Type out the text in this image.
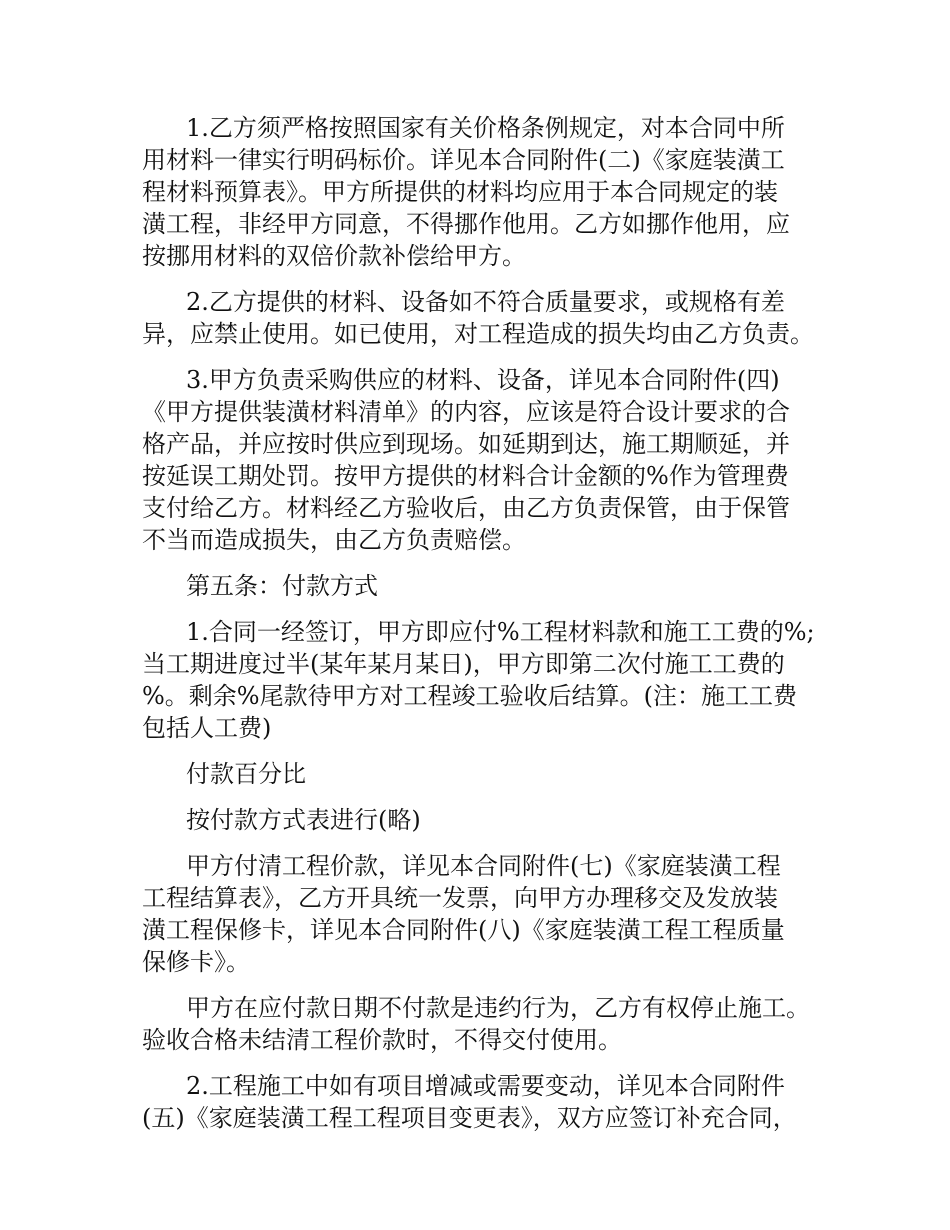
1.乙方须严格按照国家有关价格条例规定，对本合同中所
用材料一律实行明码标价。详见本合同附件(二)《家庭装潢工
程材料预算表》。甲方所提供的材料均应用于本合同规定的装
潢工程，非经甲方同意，不得挪作他用。乙方如挪作他用，应
按挪用材料的双倍价款补偿给甲方。
2.乙方提供的材料、设备如不符合质量要求，或规格有差
异，应禁止使用。如已使用，对工程造成的损失均由乙方负责。
3.甲方负责采购供应的材料、设备，详见本合同附件(四)
《甲方提供装潢材料清单》的内容，应该是符合设计要求的合
格产品，并应按时供应到现场。如延期到达，施工期顺延，并
按延误工期处罚。按甲方提供的材料合计金额的%作为管理费
支付给乙方。材料经乙方验收后，由乙方负责保管，由于保管
不当而造成损失，由乙方负责赔偿。
第五条：付款方式
1.合同一经签订，甲方即应付%工程材料款和施工工费的%;
当工期进度过半(某年某月某日)，甲方即第二次付施工工费的
%。剩余%尾款待甲方对工程竣工验收后结算。(注：施工工费
包括人工费)
付款百分比
按付款方式表进行(略)
甲方付清工程价款，详见本合同附件(七)《家庭装潢工程
工程结算表》，乙方开具统一发票，向甲方办理移交及发放装
潢工程保修卡，详见本合同附件(八)《家庭装潢工程工程质量
保修卡》。
甲方在应付款日期不付款是违约行为，乙方有权停止施工。
验收合格未结清工程价款时，不得交付使用。
2.工程施工中如有项目增减或需要变动，详见本合同附件
(五)《家庭装潢工程工程项目变更表》，双方应签订补充合同，
